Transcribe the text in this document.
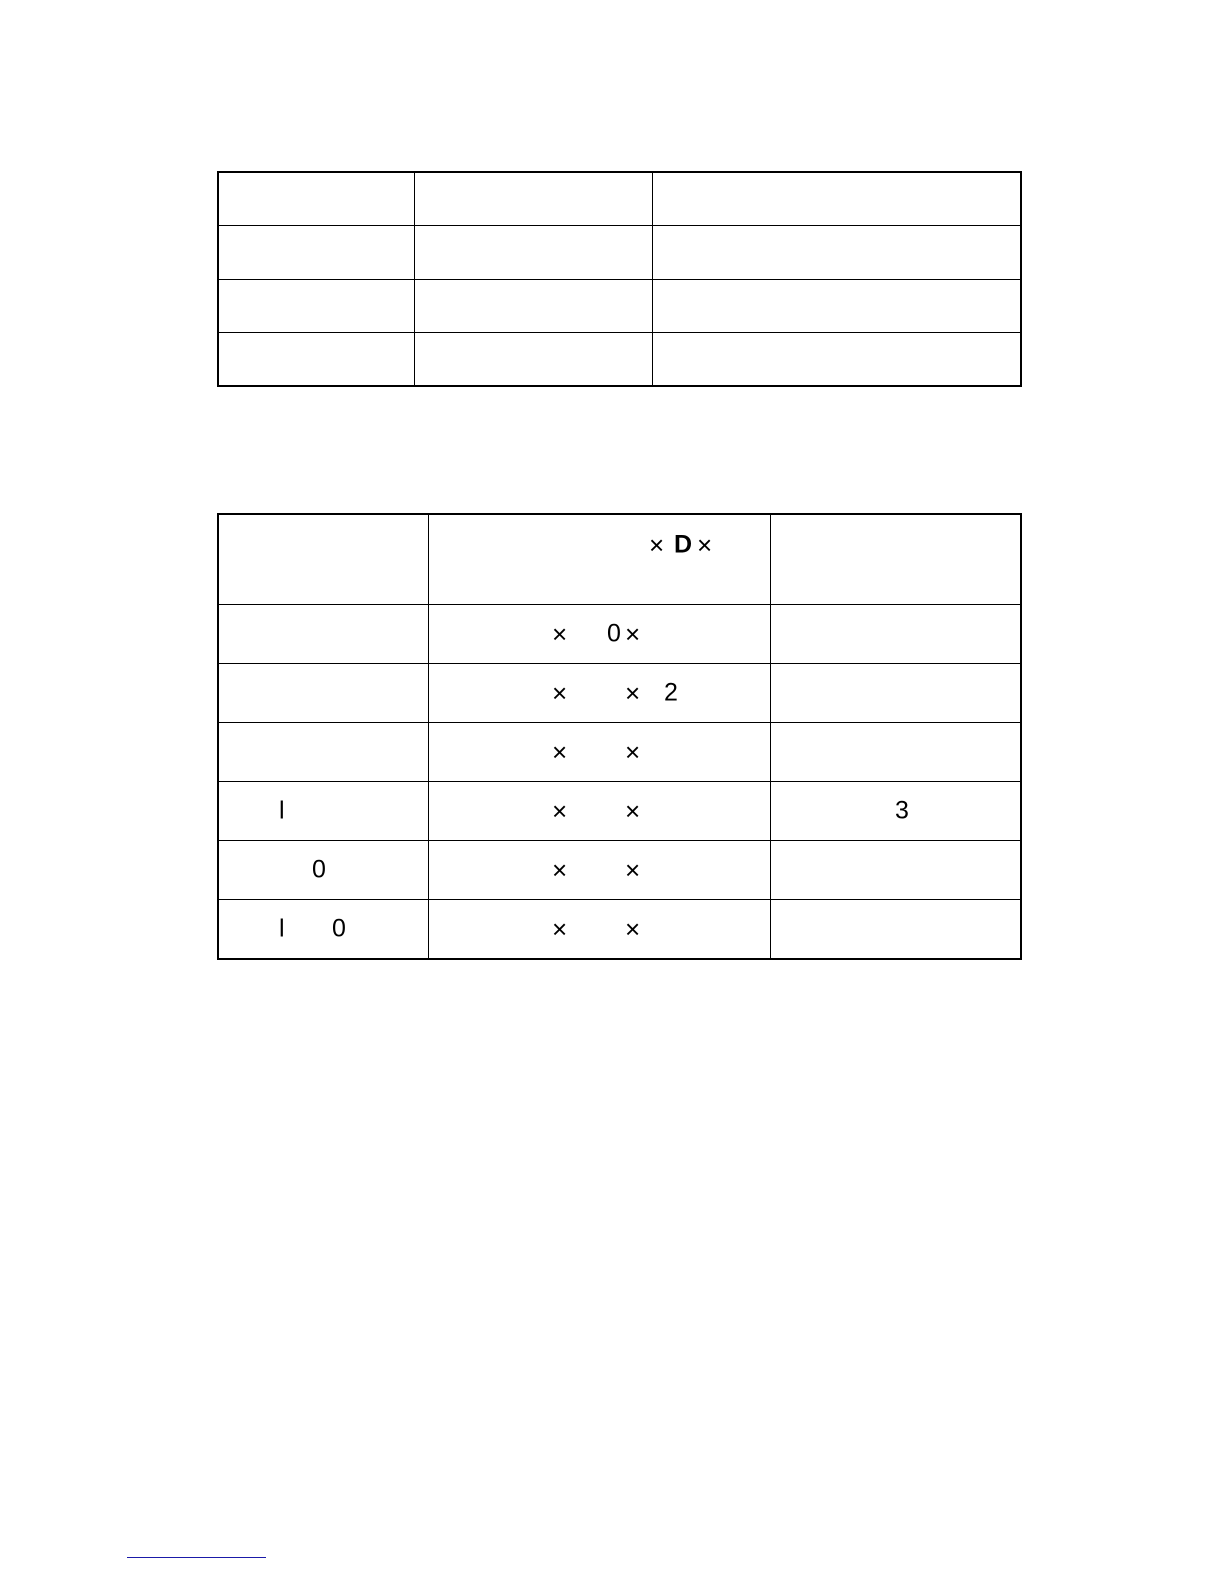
	× D ×	

	× 0 ×	

	× × 2	

	× ×	

l	× ×	3

0	× ×	

l 0	× ×	
